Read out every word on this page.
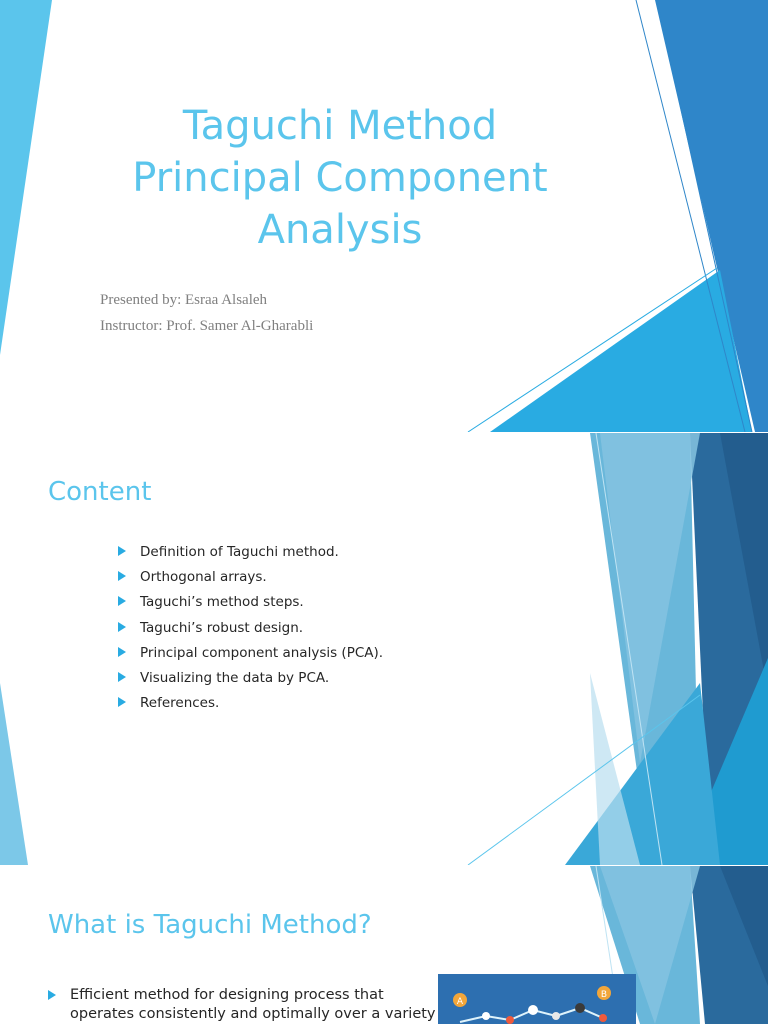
Taguchi Method
Principal Component
Analysis
Presented by: Esraa Alsaleh
Instructor: Prof. Samer Al-Gharabli
Content
Definition of Taguchi method.
Orthogonal arrays.
Taguchi’s method steps.
Taguchi’s robust design.
Principal component analysis (PCA).
Visualizing the data by PCA.
References.
What is Taguchi Method?
Efficient method for designing process that operates consistently and optimally over a variety
A
B
